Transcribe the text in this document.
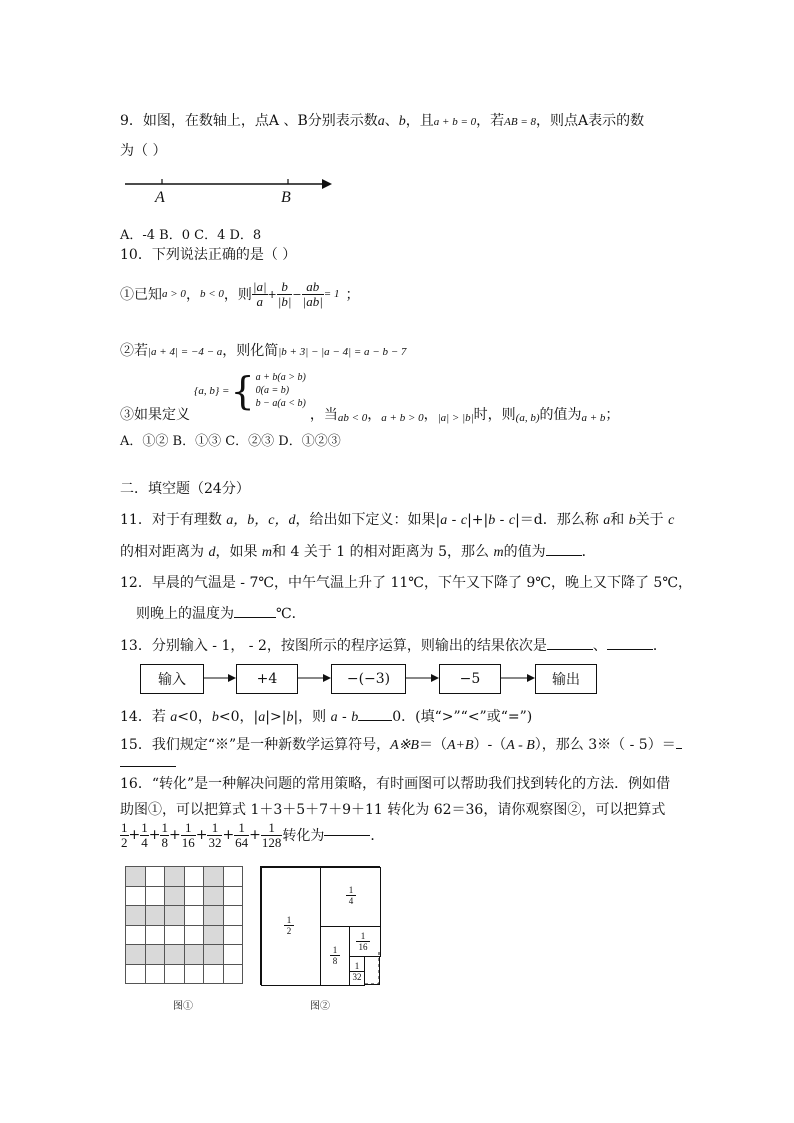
9．如图，在数轴上，点A 、B分别表示数a、b，且a + b = 0，若AB = 8，则点A表示的数
为（ ）
A	B
A．-4 B．0 C．4 D．8
10．下列说法正确的是（ ）
①已知 a > 0 ， b < 0 ，则 $\frac{|a|}{a} + \frac{b}{|b|} - \frac{ab}{|ab|} = 1$ ；
②若|a + 4| = −4 − a，则化简|b + 3| − |a − 4| = a − b − 7
③如果定义
{a, b} = { a + b(a > b)
0(a = b)
b − a(a < b)
，当 ab < 0 ， a + b > 0 ， |a| > |b| 时，则 (a, b) 的值为 a + b ；
A．①② B．①③ C．②③ D．①②③
二．填空题（24分）
11．对于有理数 a，b，c，d，给出如下定义：如果|a - c|+|b - c|＝d．那么称 a和 b关于 c
的相对距离为 d，如果 m和 4 关于 1 的相对距离为 5，那么 m的值为	．
12．早晨的气温是 - 7℃，中午气温上升了 11℃，下午又下降了 9℃，晚上又下降了 5℃，
则晚上的温度为	℃．
13．分别输入 - 1， - 2，按图所示的程序运算，则输出的结果依次是	、	．
输入	+4	−(−3)	−5	输出
14．若 a<0，b<0，|a|>|b|，则 a - b 0．(填“>”“<”或“=”)
15．我们规定“※”是一种新数学运算符号，A※B＝（A+B）-（A - B），那么 3※（ - 5）＝
16．“转化”是一种解决问题的常用策略，有时画图可以帮助我们找到转化的方法．例如借
助图①，可以把算式 1＋3＋5＋7＋9＋11 转化为 62＝36，请你观察图②，可以把算式
$\frac{1}{2} + \frac{1}{4} + \frac{1}{8} + \frac{1}{16} + \frac{1}{32} + \frac{1}{64} + \frac{1}{128}$ 转化为	．
图①
1
2
1
4
1
8
1
16
1
32
图②
